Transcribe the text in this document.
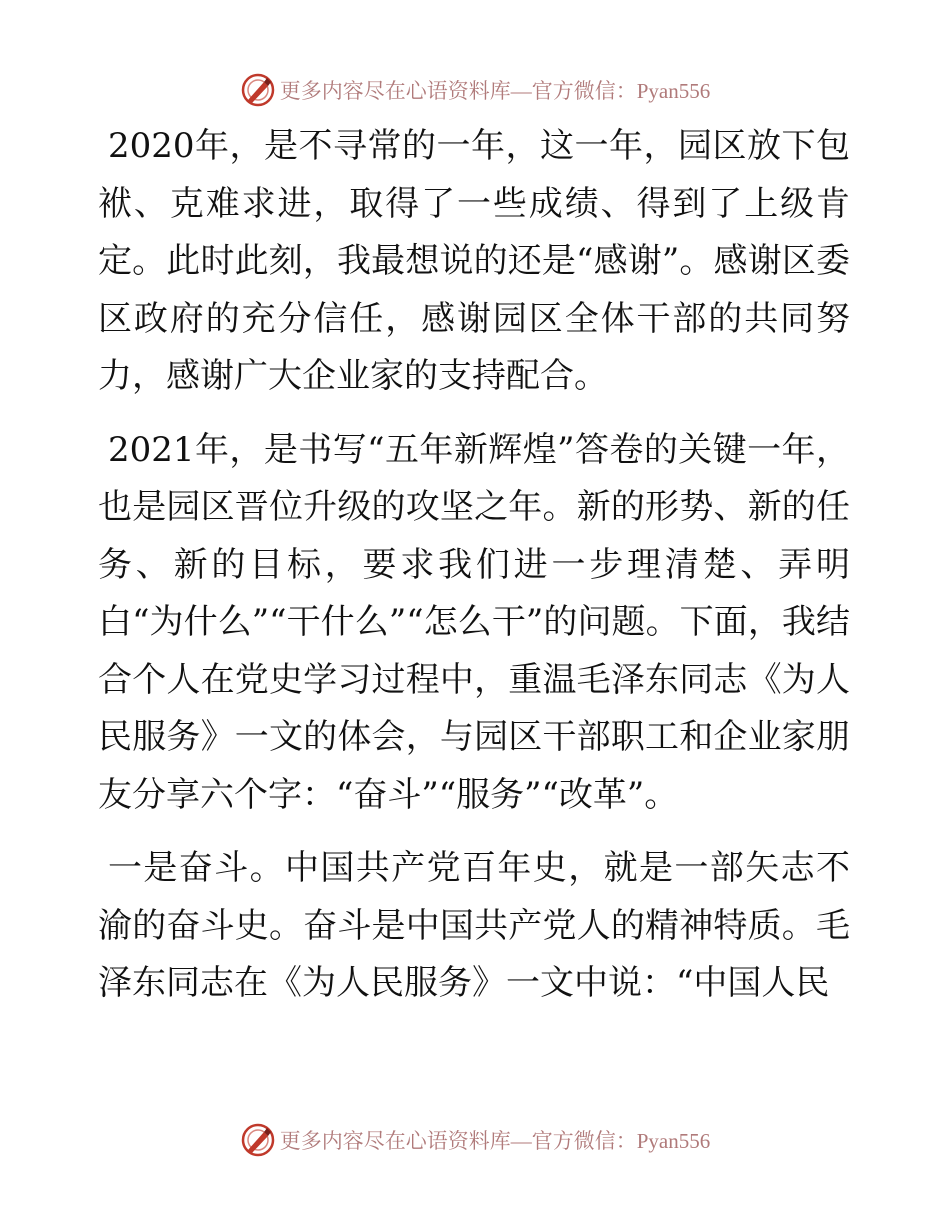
更多内容尽在心语资料库—官方微信：Pyan556

2020年，是不寻常的一年，这一年，园区放下包袱、克难求进，取得了一些成绩、得到了上级肯定。此时此刻，我最想说的还是“感谢”。感谢区委区政府的充分信任，感谢园区全体干部的共同努力，感谢广大企业家的支持配合。

2021年，是书写“五年新辉煌”答卷的关键一年，也是园区晋位升级的攻坚之年。新的形势、新的任务、新的目标，要求我们进一步理清楚、弄明白“为什么”“干什么”“怎么干”的问题。下面，我结合个人在党史学习过程中，重温毛泽东同志《为人民服务》一文的体会，与园区干部职工和企业家朋友分享六个字：“奋斗”“服务”“改革”。

一是奋斗。中国共产党百年史，就是一部矢志不渝的奋斗史。奋斗是中国共产党人的精神特质。毛泽东同志在《为人民服务》一文中说：“中国人民

更多内容尽在心语资料库—官方微信：Pyan556
